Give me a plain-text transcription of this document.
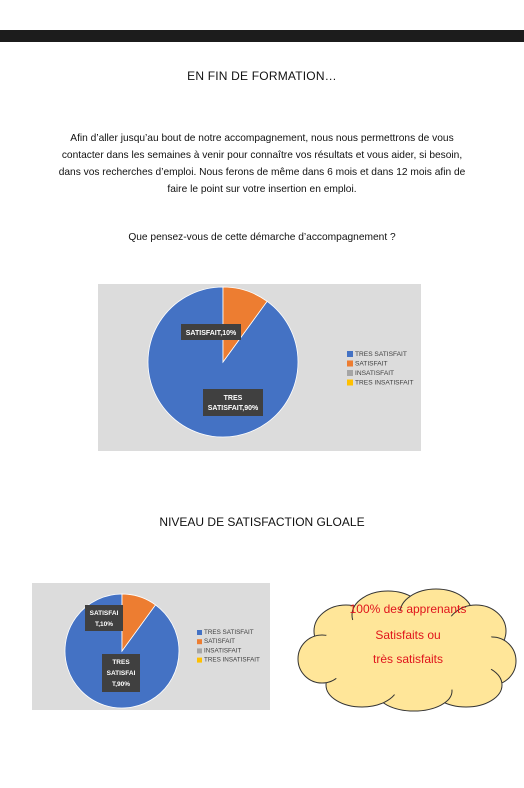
EN FIN DE FORMATION…
Afin d’aller jusqu’au bout de notre accompagnement, nous nous permettrons de vous
contacter dans les semaines à venir pour connaître vos résultats et vous aider, si besoin,
dans vos recherches d’emploi. Nous ferons de même dans 6 mois et dans 12 mois afin de
faire le point sur votre insertion en emploi.
Que pensez-vous de cette démarche d’accompagnement ?
TRES
SATISFAIT,90%
SATISFAIT,10%
TRES SATISFAIT
SATISFAIT
INSATISFAIT
TRES INSATISFAIT
NIVEAU DE SATISFACTION GLOALE
TRES
SATISFAI
T,90%
SATISFAI
T,10%
TRES SATISFAIT
SATISFAIT
INSATISFAIT
TRES INSATISFAIT
100% des apprenants
Satisfaits ou
très satisfaits
